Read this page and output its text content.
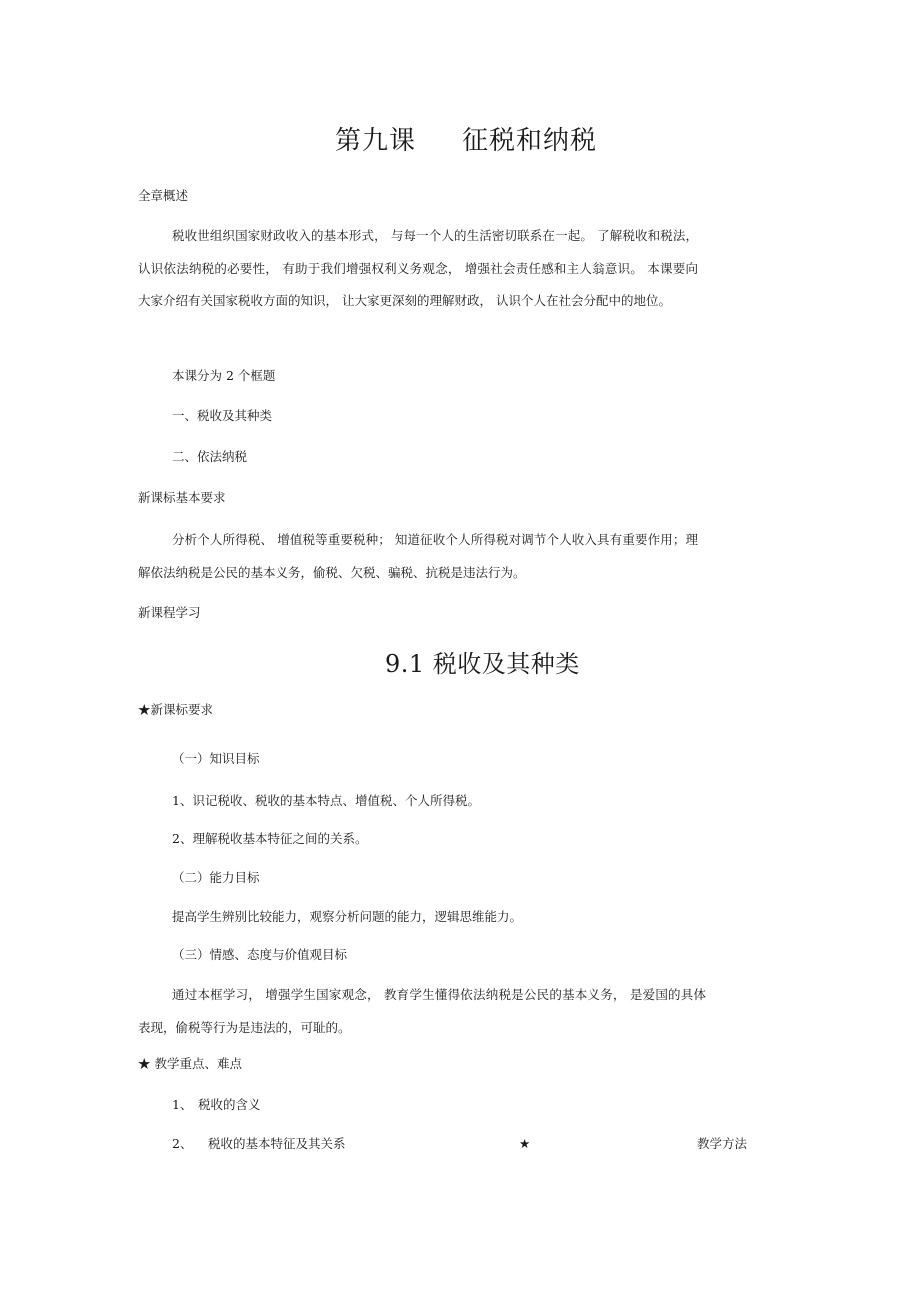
第九课 征税和纳税
全章概述
税收世组织国家财政收入的基本形式， 与每一个人的生活密切联系在一起。 了解税收和税法， 认识依法纳税的必要性， 有助于我们增强权利义务观念， 增强社会责任感和主人翁意识。 本课要向大家介绍有关国家税收方面的知识， 让大家更深刻的理解财政， 认识个人在社会分配中的地位。
本课分为 2 个框题
一、税收及其种类
二、依法纳税
新课标基本要求
分析个人所得税、 增值税等重要税种； 知道征收个人所得税对调节个人收入具有重要作用；理解依法纳税是公民的基本义务，偷税、欠税、骗税、抗税是违法行为。
新课程学习
9.1 税收及其种类
★新课标要求
（一）知识目标
1、识记税收、税收的基本特点、增值税、个人所得税。
2、理解税收基本特征之间的关系。
（二）能力目标
提高学生辨别比较能力，观察分析问题的能力，逻辑思维能力。
（三）情感、态度与价值观目标
通过本框学习， 增强学生国家观念， 教育学生懂得依法纳税是公民的基本义务， 是爱国的具体表现，偷税等行为是违法的，可耻的。
★ 教学重点、难点
1、 税收的含义
2、 税收的基本特征及其关系	★	教学方法
